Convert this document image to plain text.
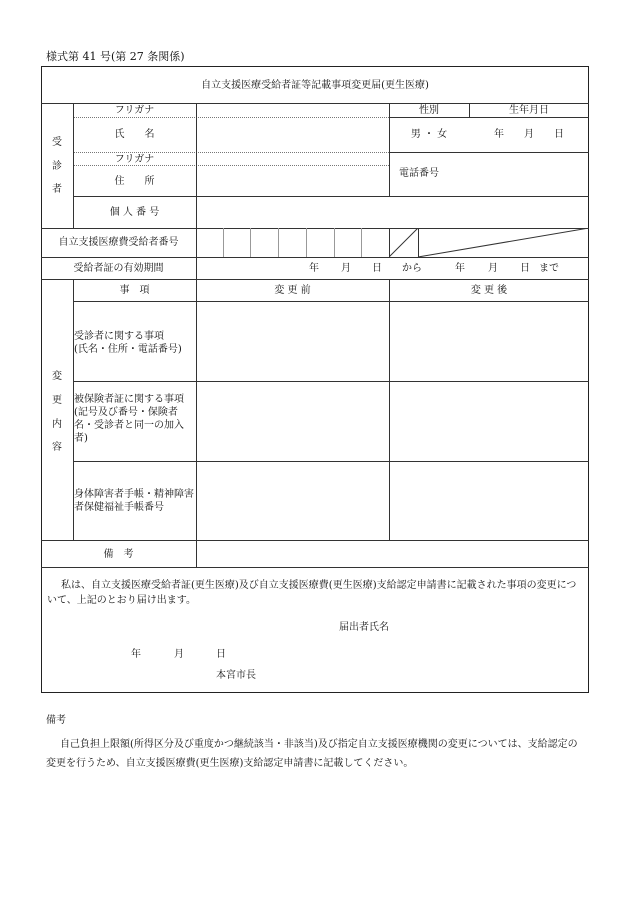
様式第 41 号(第 27 条関係)
自立支援医療受給者証等記載事項変更届(更生医療)
受
診
者
フリガナ	性別	生年月日
氏　　名	男 ・ 女	年　　月　　日
フリガナ
住　　所
電話番号
個 人 番 号
自立支援医療費受給者番号
受給者証の有効期間	年 月 日 から	年 月 日 まで
変
更
内
容
事　項	変 更 前	変 更 後
受診者に関する事項
(氏名・住所・電話番号)
被保険者証に関する事項(記号及び番号・保険者名・受診者と同一の加入者)
身体障害者手帳・精神障害者保健福祉手帳番号
備　考
私は、自立支援医療受給者証(更生医療)及び自立支援医療費(更生医療)支給認定申請書に記載された事項の変更について、上記のとおり届け出ます。
届出者氏名
年	月	日
本宮市長
備考
自己負担上限額(所得区分及び重度かつ継続該当・非該当)及び指定自立支援医療機関の変更については、支給認定の変更を行うため、自立支援医療費(更生医療)支給認定申請書に記載してください。
